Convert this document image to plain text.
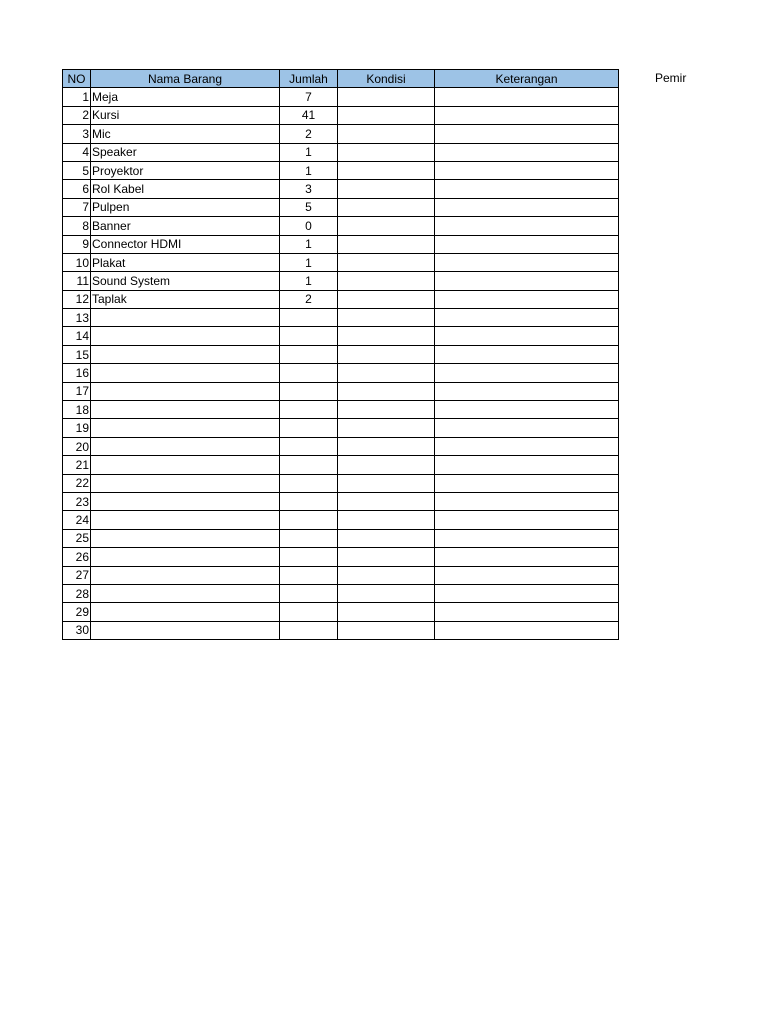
NO	Nama Barang	Jumlah	Kondisi	Keterangan
1	Meja	7		
2	Kursi	41		
3	Mic	2		
4	Speaker	1		
5	Proyektor	1		
6	Rol Kabel	3		
7	Pulpen	5		
8	Banner	0		
9	Connector HDMI	1		
10	Plakat	1		
11	Sound System	1		
12	Taplak	2		
13				
14				
15				
16				
17				
18				
19				
20				
21				
22				
23				
24				
25				
26				
27				
28				
29				
30				
Pemir
